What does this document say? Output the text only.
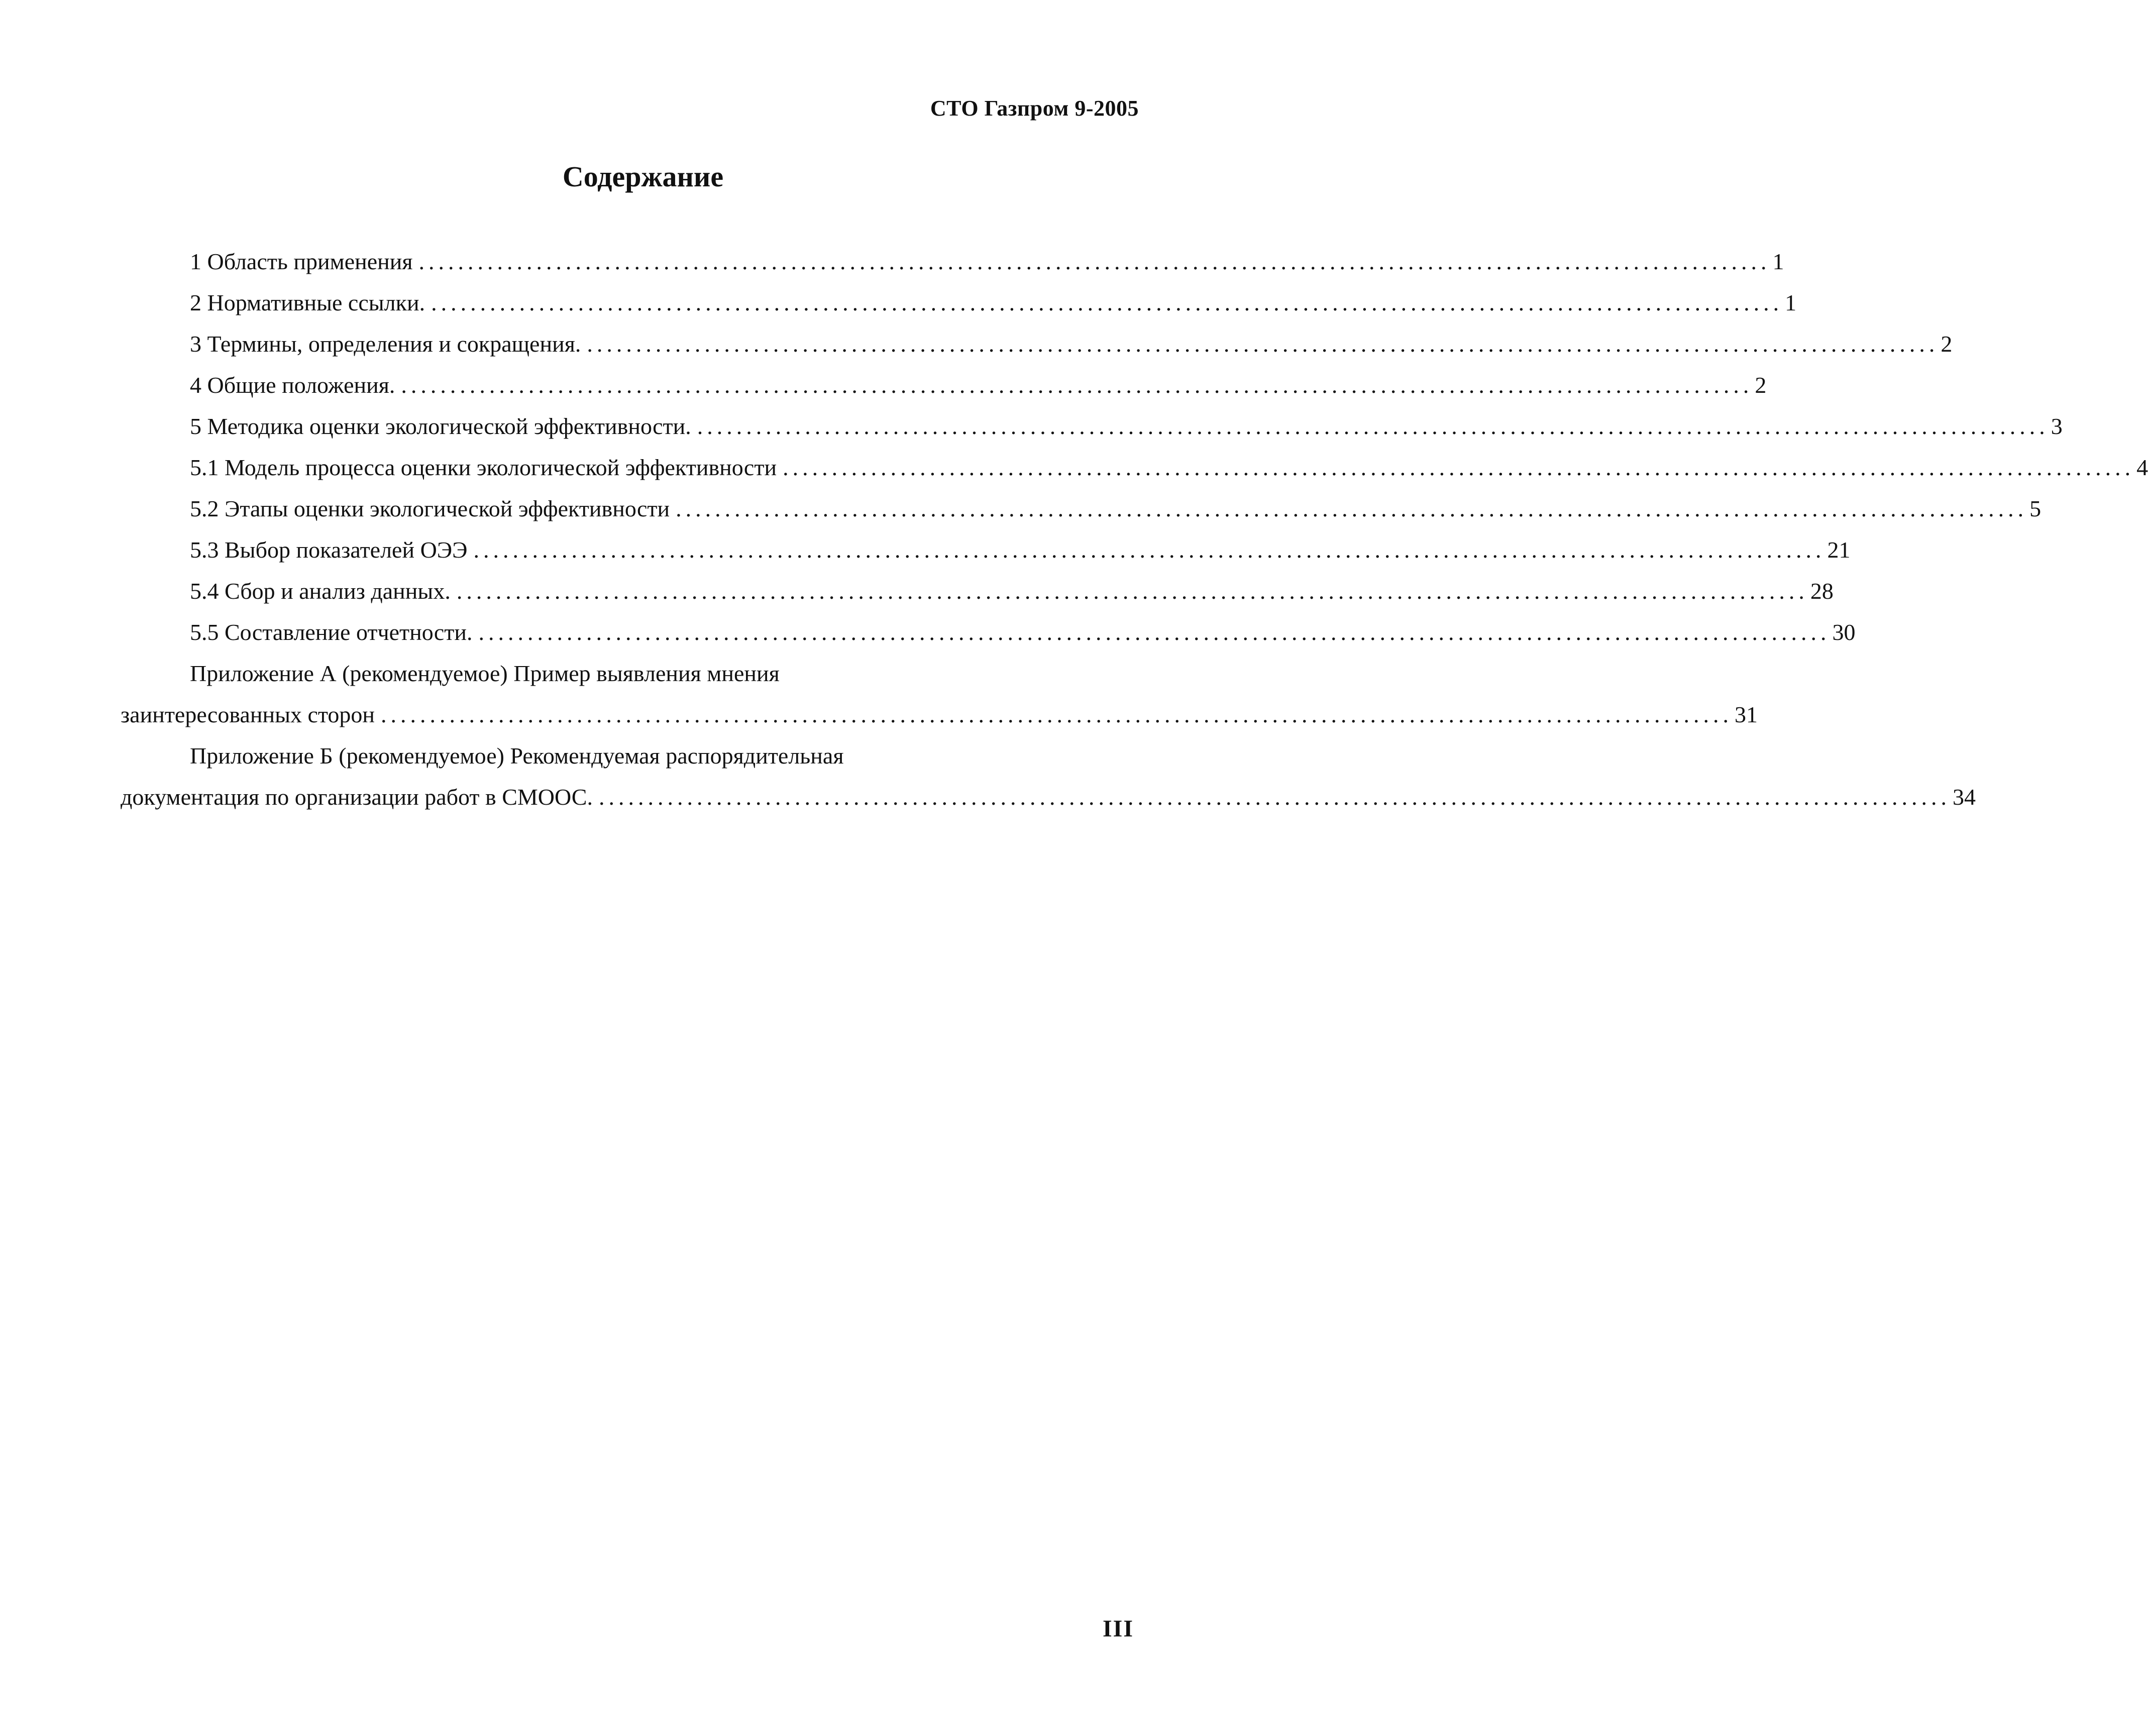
СТО Газпром 9-2005
Содержание
1 Область применения .......................................................................................................................................... 1
2 Нормативные ссылки. .......................................................................................................................................... 1
3 Термины, определения и сокращения. .......................................................................................................................................... 2
4 Общие положения. .......................................................................................................................................... 2
5 Методика оценки экологической эффективности. .......................................................................................................................................... 3
5.1 Модель процесса оценки экологической эффективности .......................................................................................................................................... 4
5.2 Этапы оценки экологической эффективности .......................................................................................................................................... 5
5.3 Выбор показателей ОЭЭ .......................................................................................................................................... 21
5.4 Сбор и анализ данных. .......................................................................................................................................... 28
5.5 Составление отчетности. .......................................................................................................................................... 30
Приложение А (рекомендуемое) Пример выявления мнения
заинтересованных сторон .......................................................................................................................................... 31
Приложение Б (рекомендуемое) Рекомендуемая распорядительная
документация по организации работ в СМООС. .......................................................................................................................................... 34
III
